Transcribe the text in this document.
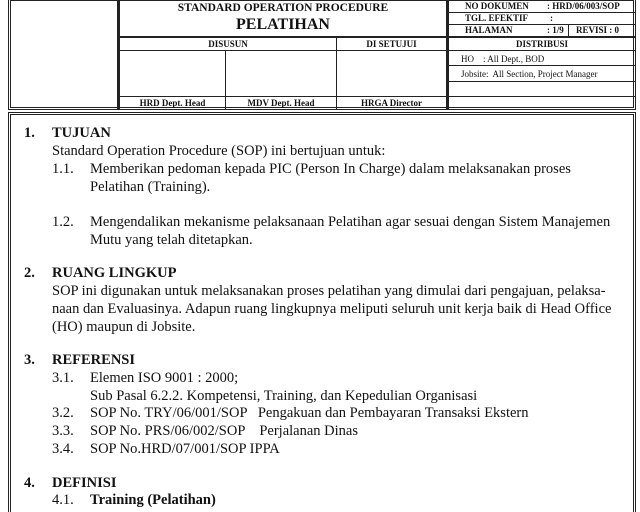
STANDARD OPERATION PROCEDURE
PELATIHAN
NO DOKUMEN : HRD/06/003/SOP
TGL. EFEKTIF :
HALAMAN	: 1/9 REVISI : 0
DISUSUN	DI SETUJUI	DISTRIBUSI
HO    : All Dept., BOD
Jobsite:  All Section, Project Manager
HRD Dept. Head	MDV Dept. Head	HRGA Director
1. TUJUAN
Standard Operation Procedure (SOP) ini bertujuan untuk:
1.1. Memberikan pedoman kepada PIC (Person In Charge) dalam melaksanakan proses
Pelatihan (Training).
1.2. Mengendalikan mekanisme pelaksanaan Pelatihan agar sesuai dengan Sistem Manajemen
Mutu yang telah ditetapkan.
2. RUANG LINGKUP
SOP ini digunakan untuk melaksanakan proses pelatihan yang dimulai dari pengajuan, pelaksa-
naan dan Evaluasinya. Adapun ruang lingkupnya meliputi seluruh unit kerja baik di Head Office
(HO) maupun di Jobsite.
3. REFERENSI
3.1. Elemen ISO 9001 : 2000;
Sub Pasal 6.2.2. Kompetensi, Training, dan Kepedulian Organisasi
3.2. SOP No. TRY/06/001/SOP   Pengakuan dan Pembayaran Transaksi Ekstern
3.3. SOP No. PRS/06/002/SOP    Perjalanan Dinas
3.4. SOP No.HRD/07/001/SOP IPPA
4. DEFINISI
4.1. Training (Pelatihan)
